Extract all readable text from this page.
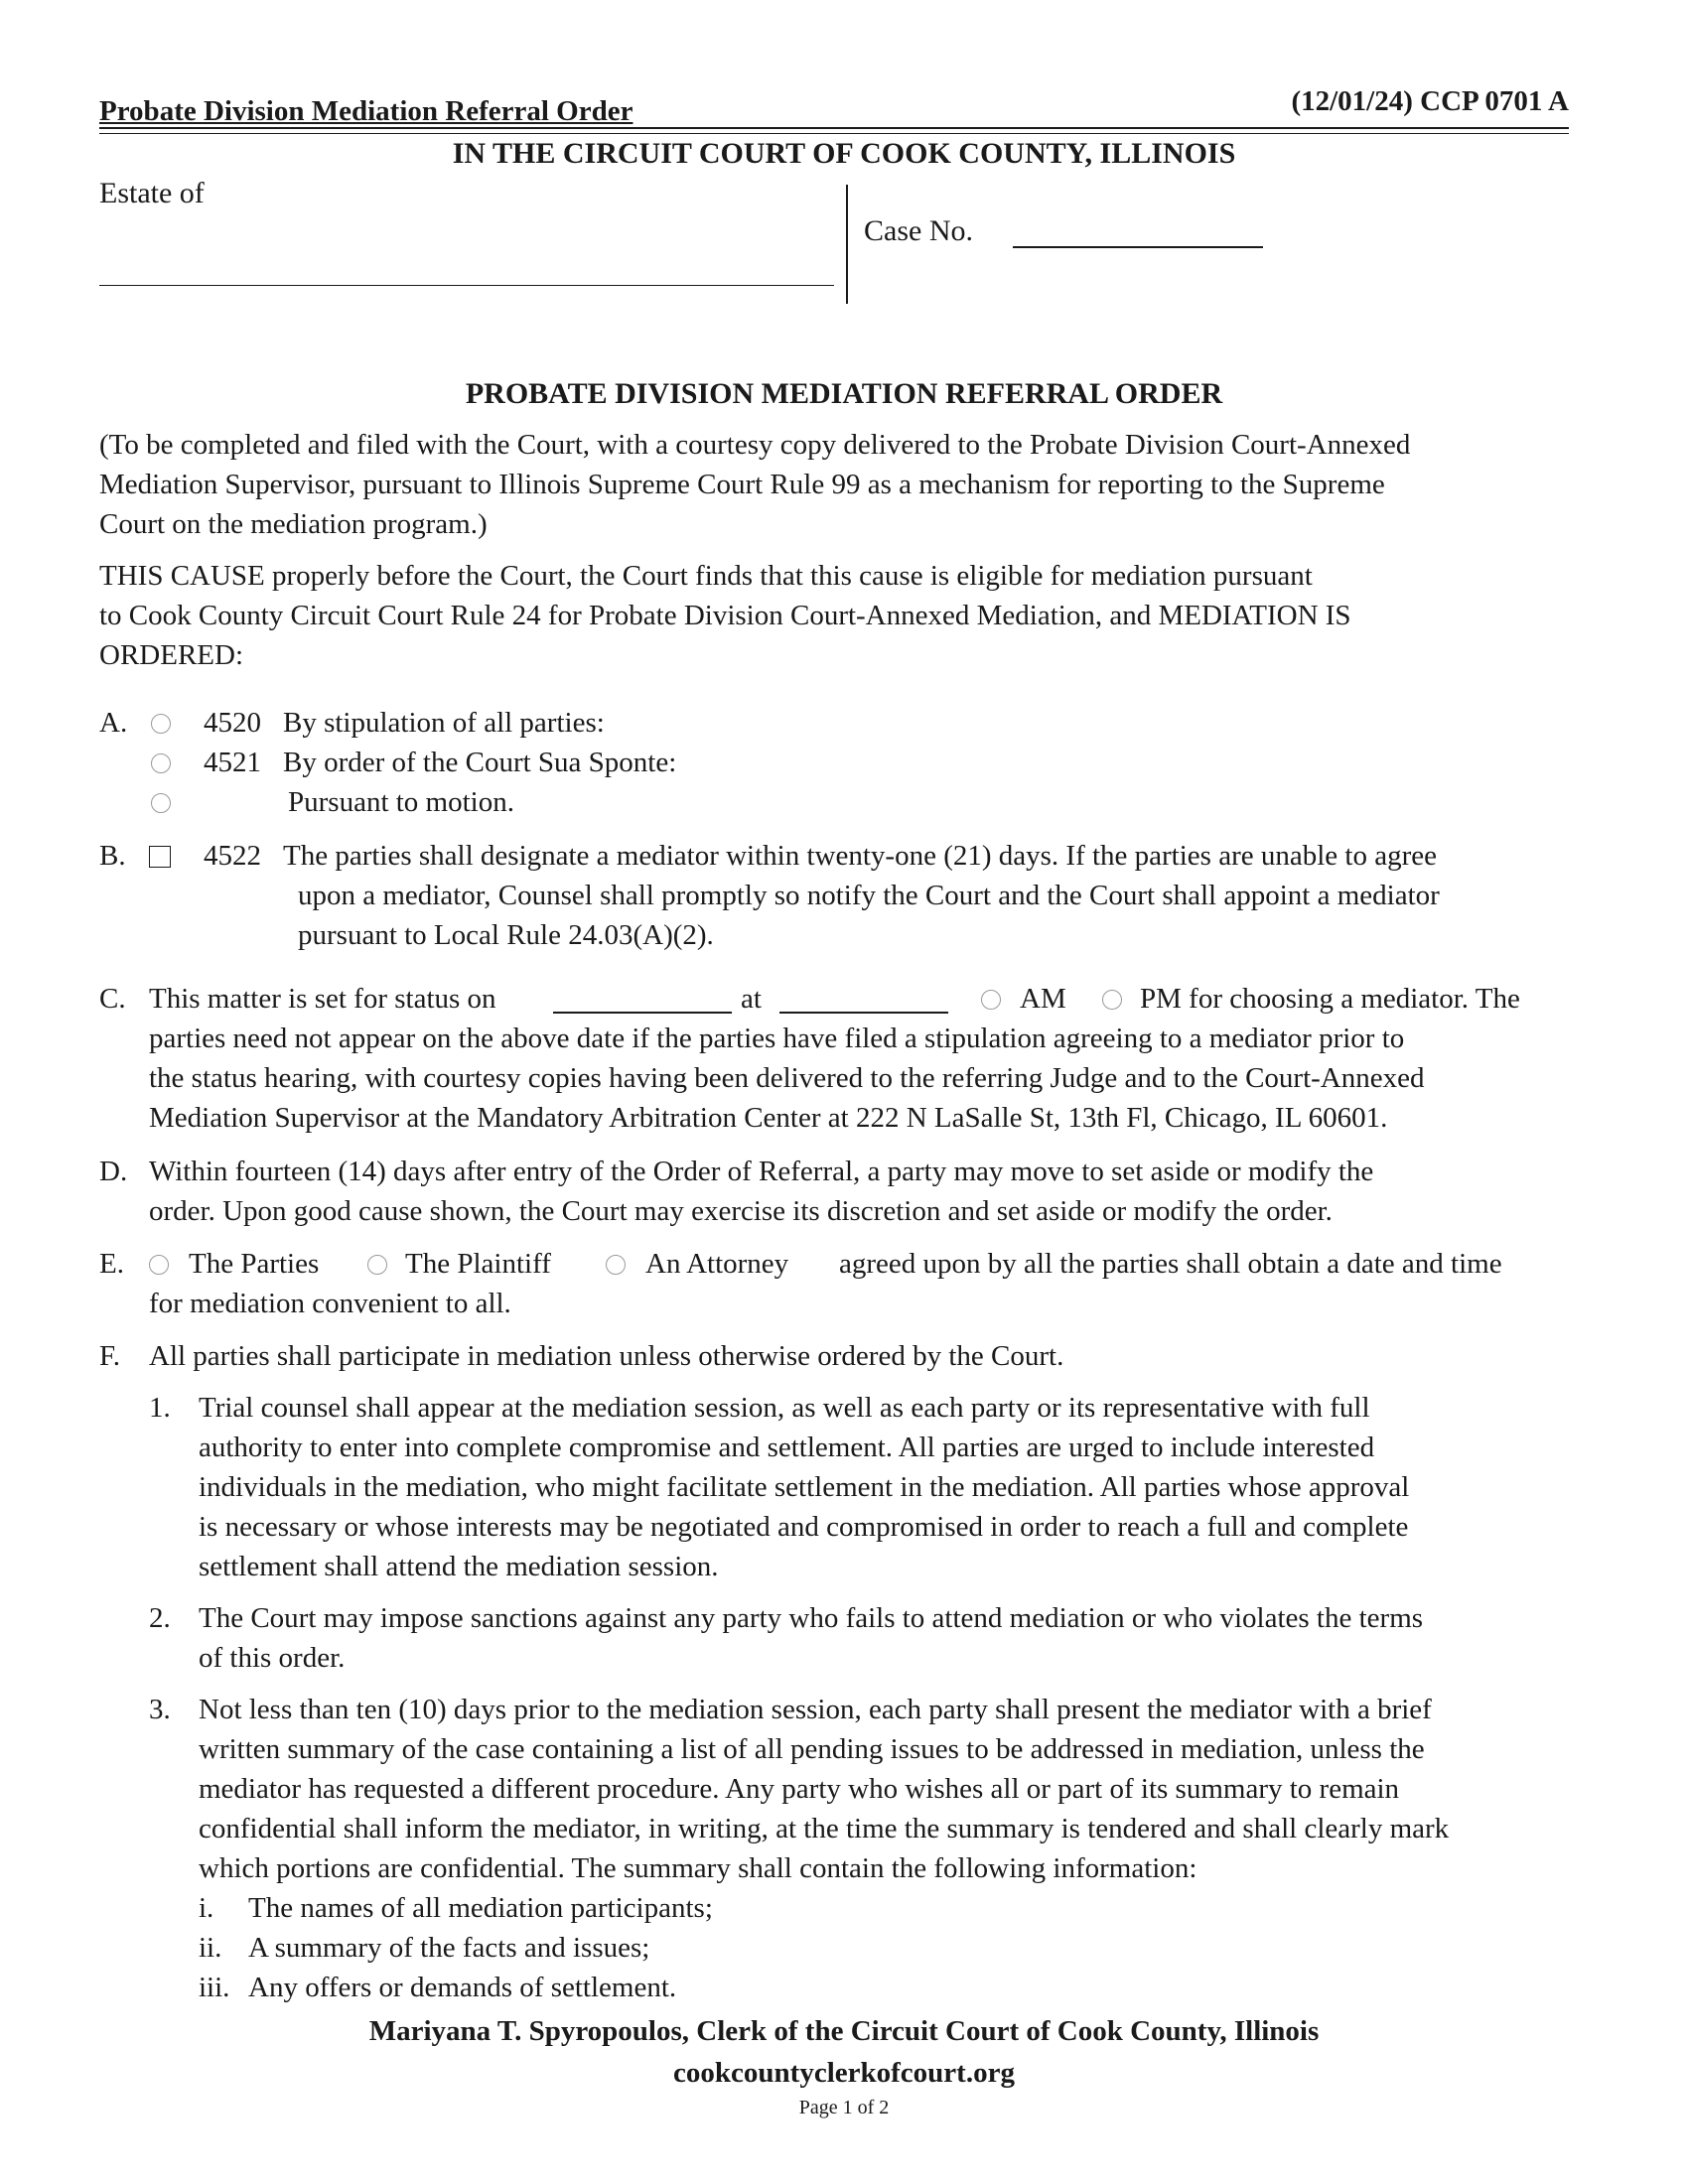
Probate Division Mediation Referral Order	(12/01/24) CCP 0701 A
IN THE CIRCUIT COURT OF COOK COUNTY, ILLINOIS
Estate of
Case No.
PROBATE DIVISION MEDIATION REFERRAL ORDER
(To be completed and filed with the Court, with a courtesy copy delivered to the Probate Division Court-Annexed
Mediation Supervisor, pursuant to Illinois Supreme Court Rule 99 as a mechanism for reporting to the Supreme
Court on the mediation program.)
THIS CAUSE properly before the Court, the Court finds that this cause is eligible for mediation pursuant
to Cook County Circuit Court Rule 24 for Probate Division Court-Annexed Mediation, and MEDIATION IS
ORDERED:
A.	4520 By stipulation of all parties:
4521 By order of the Court Sua Sponte:
Pursuant to motion.
B.	4522 The parties shall designate a mediator within twenty-one (21) days. If the parties are unable to agree
upon a mediator, Counsel shall promptly so notify the Court and the Court shall appoint a mediator
pursuant to Local Rule 24.03(A)(2).
C. This matter is set for status on	at	AM	PM for choosing a mediator. The
parties need not appear on the above date if the parties have filed a stipulation agreeing to a mediator prior to
the status hearing, with courtesy copies having been delivered to the referring Judge and to the Court-Annexed
Mediation Supervisor at the Mandatory Arbitration Center at 222 N LaSalle St, 13th Fl, Chicago, IL 60601.
D. Within fourteen (14) days after entry of the Order of Referral, a party may move to set aside or modify the
order. Upon good cause shown, the Court may exercise its discretion and set aside or modify the order.
E. The Parties	The Plaintiff	An Attorney agreed upon by all the parties shall obtain a date and time
for mediation convenient to all.
F. All parties shall participate in mediation unless otherwise ordered by the Court.
1. Trial counsel shall appear at the mediation session, as well as each party or its representative with full
authority to enter into complete compromise and settlement. All parties are urged to include interested
individuals in the mediation, who might facilitate settlement in the mediation. All parties whose approval
is necessary or whose interests may be negotiated and compromised in order to reach a full and complete
settlement shall attend the mediation session.
2. The Court may impose sanctions against any party who fails to attend mediation or who violates the terms
of this order.
3. Not less than ten (10) days prior to the mediation session, each party shall present the mediator with a brief
written summary of the case containing a list of all pending issues to be addressed in mediation, unless the
mediator has requested a different procedure. Any party who wishes all or part of its summary to remain
confidential shall inform the mediator, in writing, at the time the summary is tendered and shall clearly mark
which portions are confidential. The summary shall contain the following information:
i. The names of all mediation participants;
ii. A summary of the facts and issues;
iii. Any offers or demands of settlement.
Mariyana T. Spyropoulos, Clerk of the Circuit Court of Cook County, Illinois
cookcountyclerkofcourt.org
Page 1 of 2
